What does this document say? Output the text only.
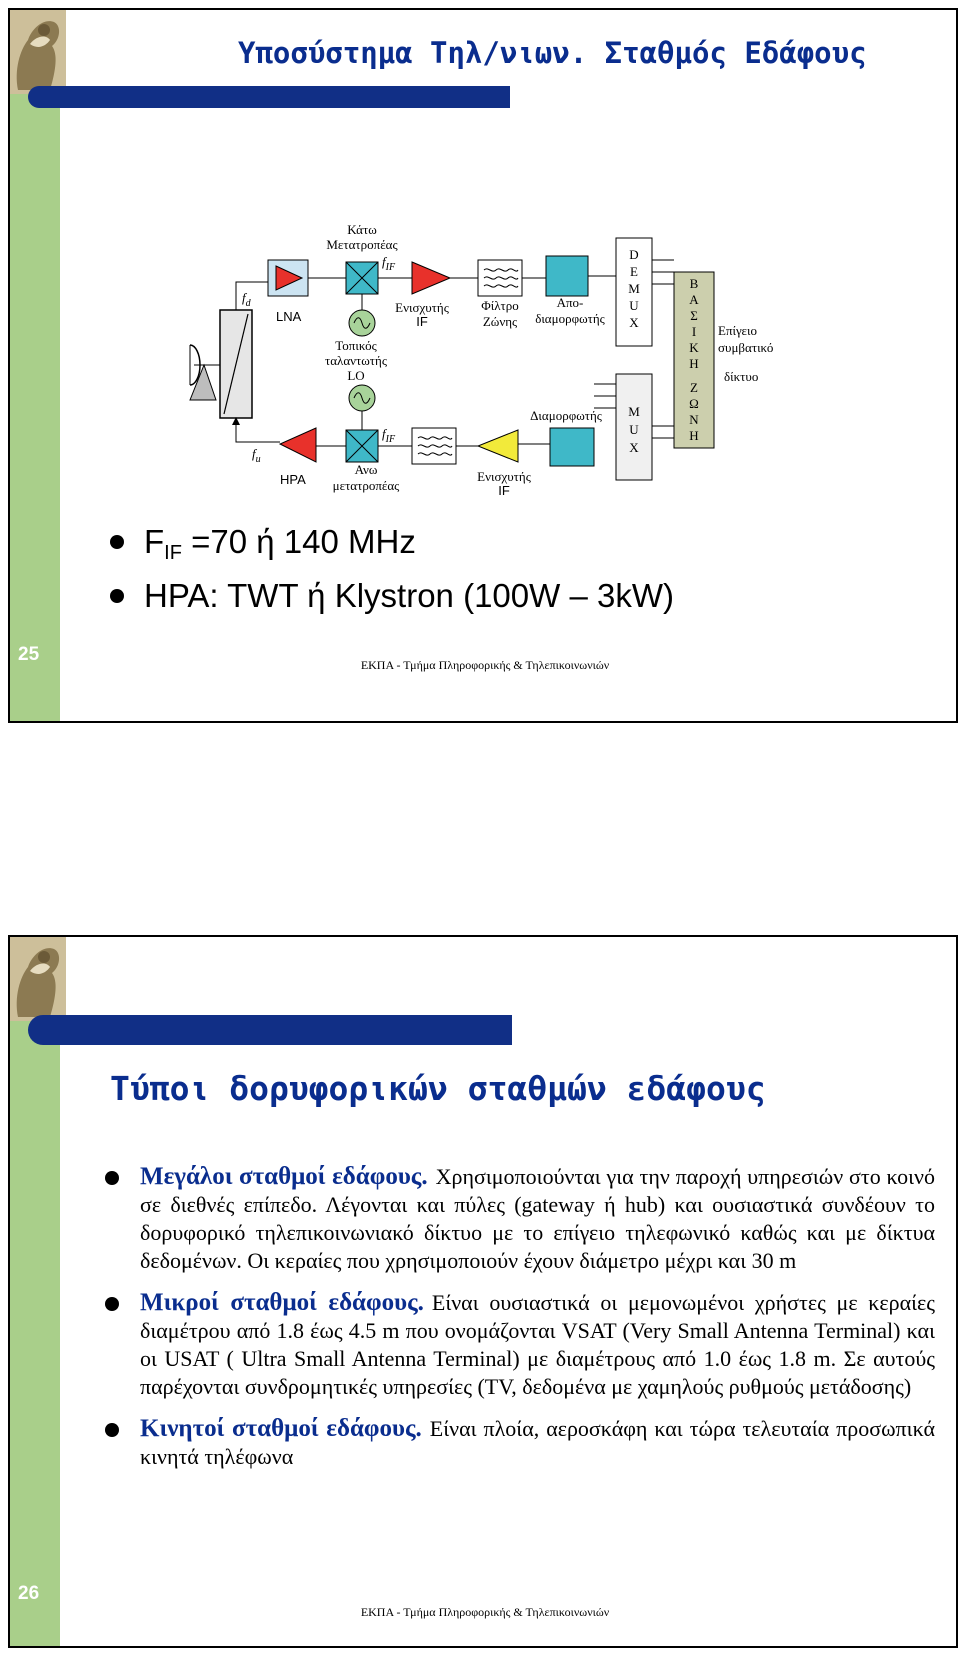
Υποσύστημα Τηλ/νιων. Σταθμός Εδάφους
$f_d$
$f_u$
LNA
Κάτω
Μετατροπέας
$f_{IF}$
Τοπικός
ταλαντωτής
LO
Ενισχυτής
IF
Φίλτρο
Ζώνης
Απο-
διαμορφωτής
D
E
M
U
X
M
U
X
Β
Α
Σ
Ι
Κ
Η
Ζ
Ω
Ν
Η
Επίγειο
συμβατικό
δίκτυο
Διαμορφωτής
Ενισχυτής
IF
$f_{IF}$
Ανω
μετατροπέας
HPA
$F_{IF} =70$ ή 140 MHz
HPA: TWT ή Klystron (100W – 3kW)
25	ΕΚΠΑ - Τμήμα Πληροφορικής & Τηλεπικοινωνιών
Τύποι δορυφορικών σταθμών εδάφους
Μεγάλοι σταθμοί εδάφους. Χρησιμοποιούνται για την παροχή υπηρεσιών στο κοινό σε διεθνές επίπεδο. Λέγονται και πύλες (gateway ή hub) και ουσιαστικά συνδέουν το δορυφορικό τηλεπικοινωνιακό δίκτυο με το επίγειο τηλεφωνικό καθώς και με δίκτυα δεδομένων. Οι κεραίες που χρησιμοποιούν έχουν διάμετρο μέχρι και 30 m
Μικροί σταθμοί εδάφους. Είναι ουσιαστικά οι μεμονωμένοι χρήστες με κεραίες διαμέτρου από 1.8 έως 4.5 m που ονομάζονται VSAT (Very Small Antenna Terminal) και οι USAT ( Ultra Small Antenna Terminal) με διαμέτρους από 1.0 έως 1.8 m. Σε αυτούς παρέχονται συνδρομητικές υπηρεσίες (TV, δεδομένα με χαμηλούς ρυθμούς μετάδοσης)
Κινητοί σταθμοί εδάφους. Είναι πλοία, αεροσκάφη και τώρα τελευταία προσωπικά κινητά τηλέφωνα
26
ΕΚΠΑ - Τμήμα Πληροφορικής & Τηλεπικοινωνιών
